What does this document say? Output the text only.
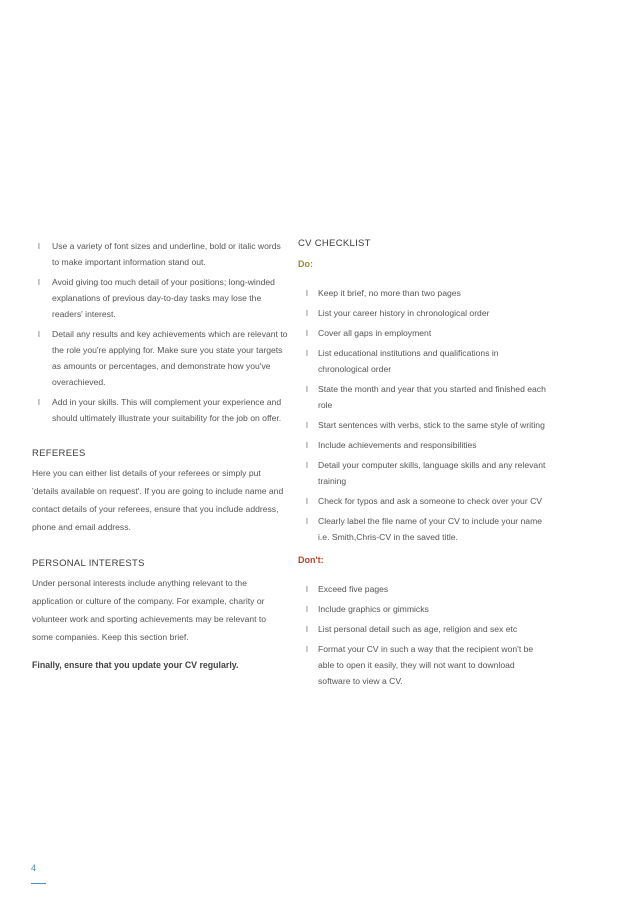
l Use a variety of font sizes and underline, bold or italic words to make important information stand out.
l Avoid giving too much detail of your positions; long-winded explanations of previous day-to-day tasks may lose the readers' interest.
l Detail any results and key achievements which are relevant to the role you're applying for. Make sure you state your targets as amounts or percentages, and demonstrate how you've overachieved.
l Add in your skills. This will complement your experience and should ultimately illustrate your suitability for the job on offer.
REFEREES

Here you can either list details of your referees or simply put 'details available on request'. If you are going to include name and contact details of your referees, ensure that you include address, phone and email address.

PERSONAL INTERESTS

Under personal interests include anything relevant to the application or culture of the company. For example, charity or volunteer work and sporting achievements may be relevant to some companies. Keep this section brief.

Finally, ensure that you update your CV regularly.

CV CHECKLIST

Do:

l Keep it brief, no more than two pages
l List your career history in chronological order
l Cover all gaps in employment
l List educational institutions and qualifications in chronological order
l State the month and year that you started and finished each role
l Start sentences with verbs, stick to the same style of writing
l Include achievements and responsibilities
l Detail your computer skills, language skills and any relevant training
l Check for typos and ask a someone to check over your CV
l Clearly label the file name of your CV to include your name i.e. Smith,Chris-CV in the saved title.

Don't:

l Exceed five pages
l Include graphics or gimmicks
l List personal detail such as age, religion and sex etc
l Format your CV in such a way that the recipient won't be able to open it easily, they will not want to download software to view a CV.
4
